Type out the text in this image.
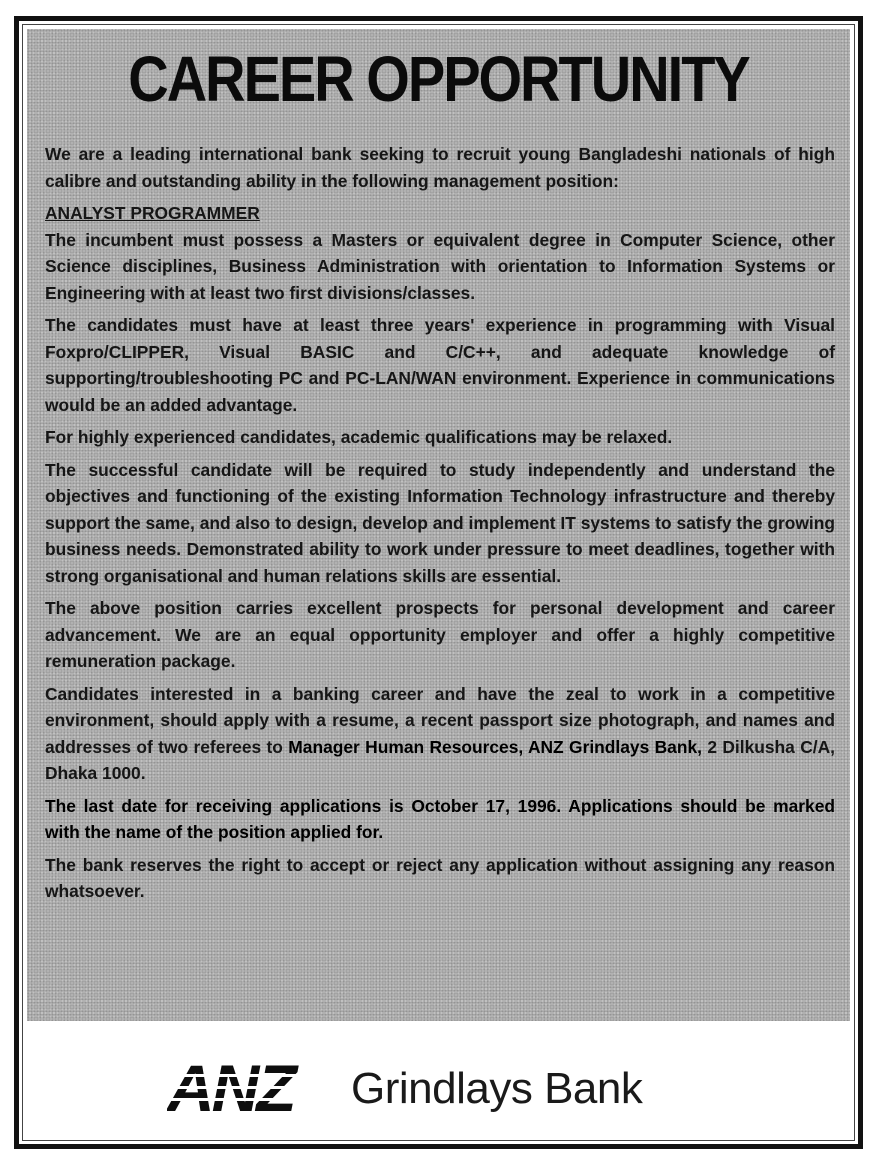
CAREER OPPORTUNITY

We are a leading international bank seeking to recruit young Bangladeshi nationals of high calibre and outstanding ability in the following management position:

ANALYST PROGRAMMER

The incumbent must possess a Masters or equivalent degree in Computer Science, other Science disciplines, Business Administration with orientation to Information Systems or Engineering with at least two first divisions/classes.

The candidates must have at least three years' experience in programming with Visual Foxpro/CLIPPER, Visual BASIC and C/C++, and adequate knowledge of supporting/troubleshooting PC and PC-LAN/WAN environment. Experience in communications would be an added advantage.

For highly experienced candidates, academic qualifications may be relaxed.

The successful candidate will be required to study independently and understand the objectives and functioning of the existing Information Technology infrastructure and thereby support the same, and also to design, develop and implement IT systems to satisfy the growing business needs. Demonstrated ability to work under pressure to meet deadlines, together with strong organisational and human relations skills are essential.

The above position carries excellent prospects for personal development and career advancement. We are an equal opportunity employer and offer a highly competitive remuneration package.

Candidates interested in a banking career and have the zeal to work in a competitive environment, should apply with a resume, a recent passport size photograph, and names and addresses of two referees to Manager Human Resources, ANZ Grindlays Bank, 2 Dilkusha C/A, Dhaka 1000.

The last date for receiving applications is October 17, 1996. Applications should be marked with the name of the position applied for.

The bank reserves the right to accept or reject any application without assigning any reason whatsoever.

Grindlays Bank
